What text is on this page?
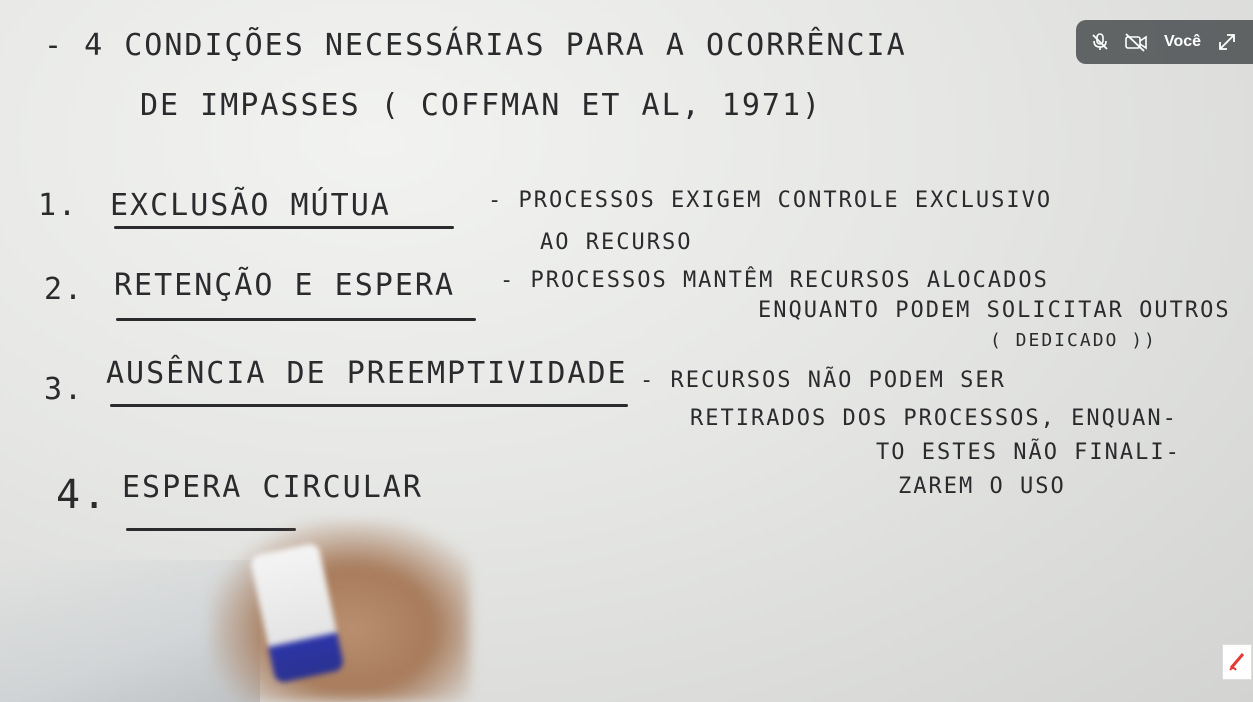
- 4 CONDIÇÕES NECESSÁRIAS PARA A OCORRÊNCIA
DE IMPASSES ( COFFMAN ET AL, 1971)
1. EXCLUSÃO MÚTUA	- PROCESSOS EXIGEM CONTROLE EXCLUSIVO
AO RECURSO
2. RETENÇÃO E ESPERA - PROCESSOS MANTÊM RECURSOS ALOCADOS
ENQUANTO PODEM SOLICITAR OUTROS
3. AUSÊNCIA DE PREEMPTIVIDADE
( DEDICADO ))
- RECURSOS NÃO PODEM SER
RETIRADOS DOS PROCESSOS, ENQUAN-
TO ESTES NÃO FINALI-
ZAREM O USO
4. ESPERA CIRCULAR
Você
